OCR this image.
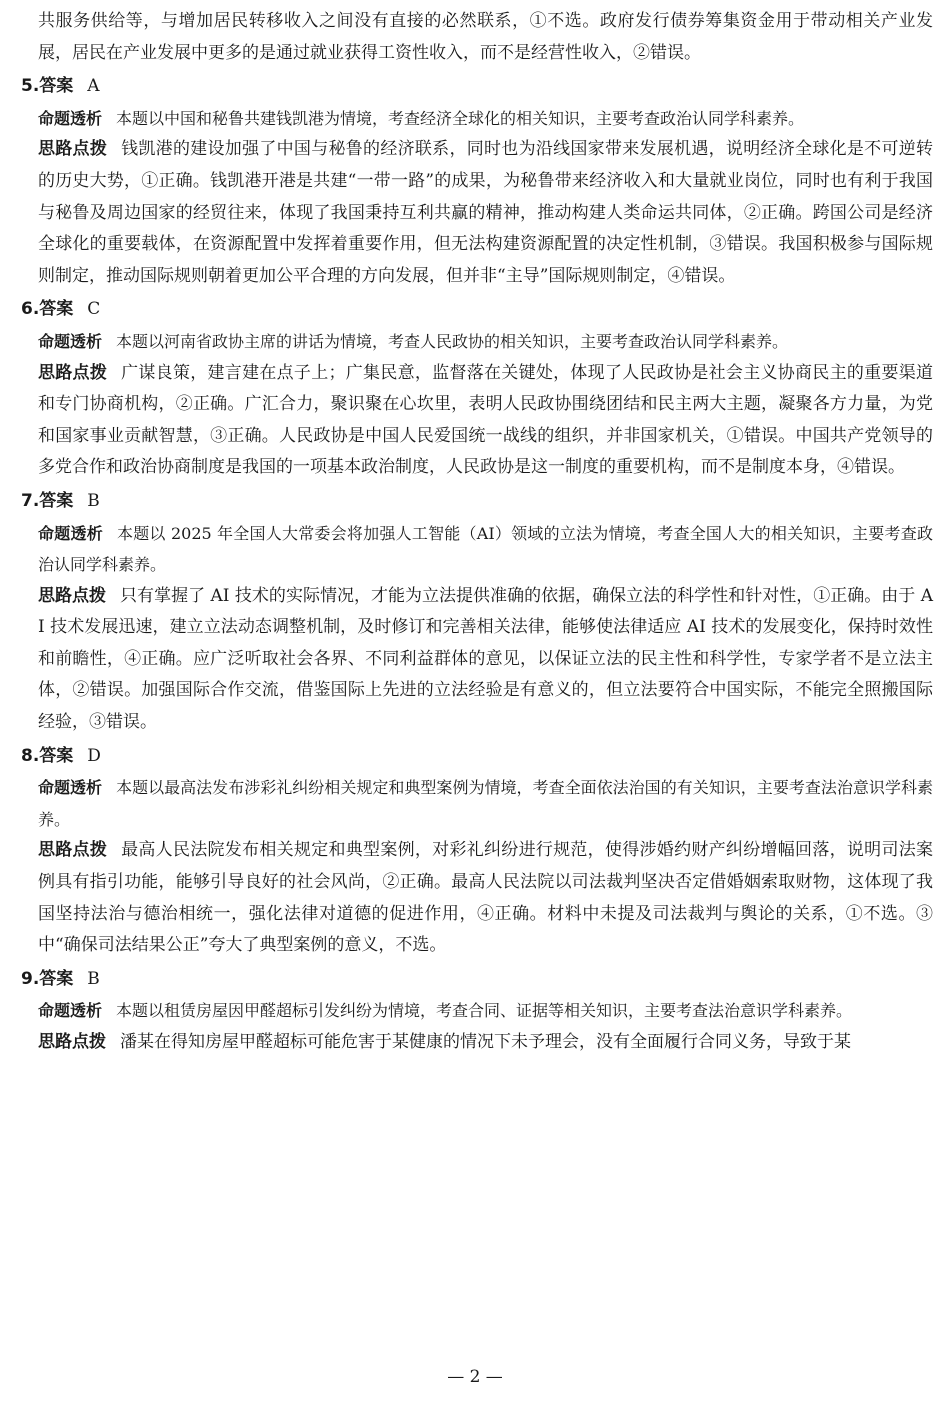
共服务供给等，与增加居民转移收入之间没有直接的必然联系，①不选。政府发行债券筹集资金用于带动相关产业发展，居民在产业发展中更多的是通过就业获得工资性收入，而不是经营性收入，②错误。

5.答案 A

命题透析 本题以中国和秘鲁共建钱凯港为情境，考查经济全球化的相关知识，主要考查政治认同学科素养。

思路点拨 钱凯港的建设加强了中国与秘鲁的经济联系，同时也为沿线国家带来发展机遇，说明经济全球化是不可逆转的历史大势，①正确。钱凯港开港是共建“一带一路”的成果，为秘鲁带来经济收入和大量就业岗位，同时也有利于我国与秘鲁及周边国家的经贸往来，体现了我国秉持互利共赢的精神，推动构建人类命运共同体，②正确。跨国公司是经济全球化的重要载体，在资源配置中发挥着重要作用，但无法构建资源配置的决定性机制，③错误。我国积极参与国际规则制定，推动国际规则朝着更加公平合理的方向发展，但并非“主导”国际规则制定，④错误。

6.答案 C

命题透析 本题以河南省政协主席的讲话为情境，考查人民政协的相关知识，主要考查政治认同学科素养。

思路点拨 广谋良策，建言建在点子上；广集民意，监督落在关键处，体现了人民政协是社会主义协商民主的重要渠道和专门协商机构，②正确。广汇合力，聚识聚在心坎里，表明人民政协围绕团结和民主两大主题，凝聚各方力量，为党和国家事业贡献智慧，③正确。人民政协是中国人民爱国统一战线的组织，并非国家机关，①错误。中国共产党领导的多党合作和政治协商制度是我国的一项基本政治制度，人民政协是这一制度的重要机构，而不是制度本身，④错误。

7.答案 B

命题透析 本题以 2025 年全国人大常委会将加强人工智能（AI）领域的立法为情境，考查全国人大的相关知识，主要考查政治认同学科素养。

思路点拨 只有掌握了 AI 技术的实际情况，才能为立法提供准确的依据，确保立法的科学性和针对性，①正确。由于 AI 技术发展迅速，建立立法动态调整机制，及时修订和完善相关法律，能够使法律适应 AI 技术的发展变化，保持时效性和前瞻性，④正确。应广泛听取社会各界、不同利益群体的意见，以保证立法的民主性和科学性，专家学者不是立法主体，②错误。加强国际合作交流，借鉴国际上先进的立法经验是有意义的，但立法要符合中国实际，不能完全照搬国际经验，③错误。

8.答案 D

命题透析 本题以最高法发布涉彩礼纠纷相关规定和典型案例为情境，考查全面依法治国的有关知识，主要考查法治意识学科素养。

思路点拨 最高人民法院发布相关规定和典型案例，对彩礼纠纷进行规范，使得涉婚约财产纠纷增幅回落，说明司法案例具有指引功能，能够引导良好的社会风尚，②正确。最高人民法院以司法裁判坚决否定借婚姻索取财物，这体现了我国坚持法治与德治相统一，强化法律对道德的促进作用，④正确。材料中未提及司法裁判与舆论的关系，①不选。③中“确保司法结果公正”夸大了典型案例的意义，不选。

9.答案 B

命题透析 本题以租赁房屋因甲醛超标引发纠纷为情境，考查合同、证据等相关知识，主要考查法治意识学科素养。

思路点拨 潘某在得知房屋甲醛超标可能危害于某健康的情况下未予理会，没有全面履行合同义务，导致于某

— 2 —
